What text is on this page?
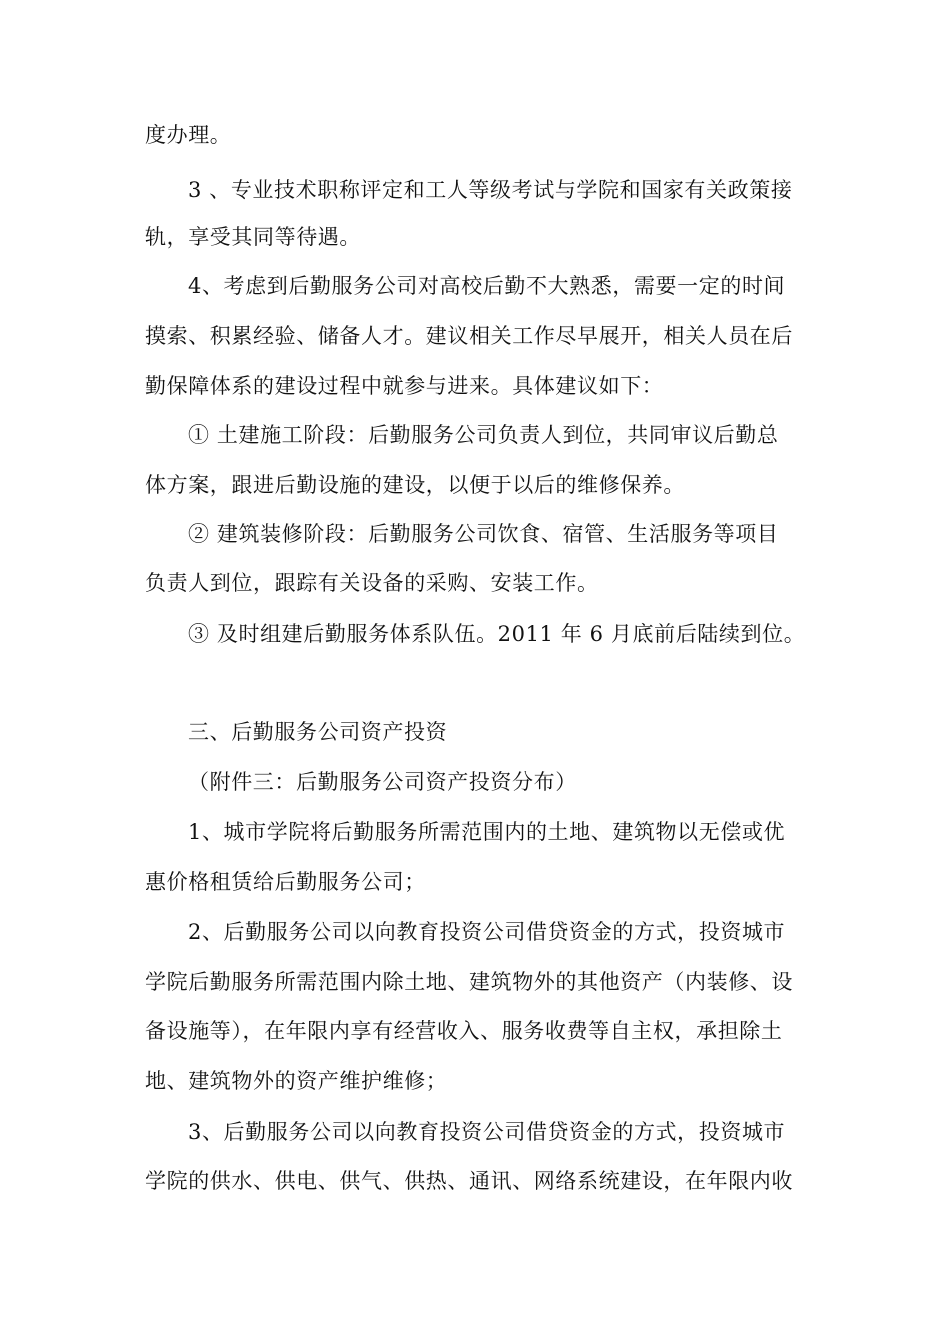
度办理。
3 、专业技术职称评定和工人等级考试与学院和国家有关政策接
轨，享受其同等待遇。
4、考虑到后勤服务公司对高校后勤不大熟悉，需要一定的时间
摸索、积累经验、储备人才。建议相关工作尽早展开，相关人员在后
勤保障体系的建设过程中就参与进来。具体建议如下：
① 土建施工阶段：后勤服务公司负责人到位，共同审议后勤总
体方案，跟进后勤设施的建设，以便于以后的维修保养。
② 建筑装修阶段：后勤服务公司饮食、宿管、生活服务等项目
负责人到位，跟踪有关设备的采购、安装工作。
③ 及时组建后勤服务体系队伍。2011 年 6 月底前后陆续到位。
三、后勤服务公司资产投资
（附件三：后勤服务公司资产投资分布）
1、城市学院将后勤服务所需范围内的土地、建筑物以无偿或优
惠价格租赁给后勤服务公司；
2、后勤服务公司以向教育投资公司借贷资金的方式，投资城市
学院后勤服务所需范围内除土地、建筑物外的其他资产（内装修、设
备设施等），在年限内享有经营收入、服务收费等自主权，承担除土
地、建筑物外的资产维护维修；
3、后勤服务公司以向教育投资公司借贷资金的方式，投资城市
学院的供水、供电、供气、供热、通讯、网络系统建设，在年限内收
